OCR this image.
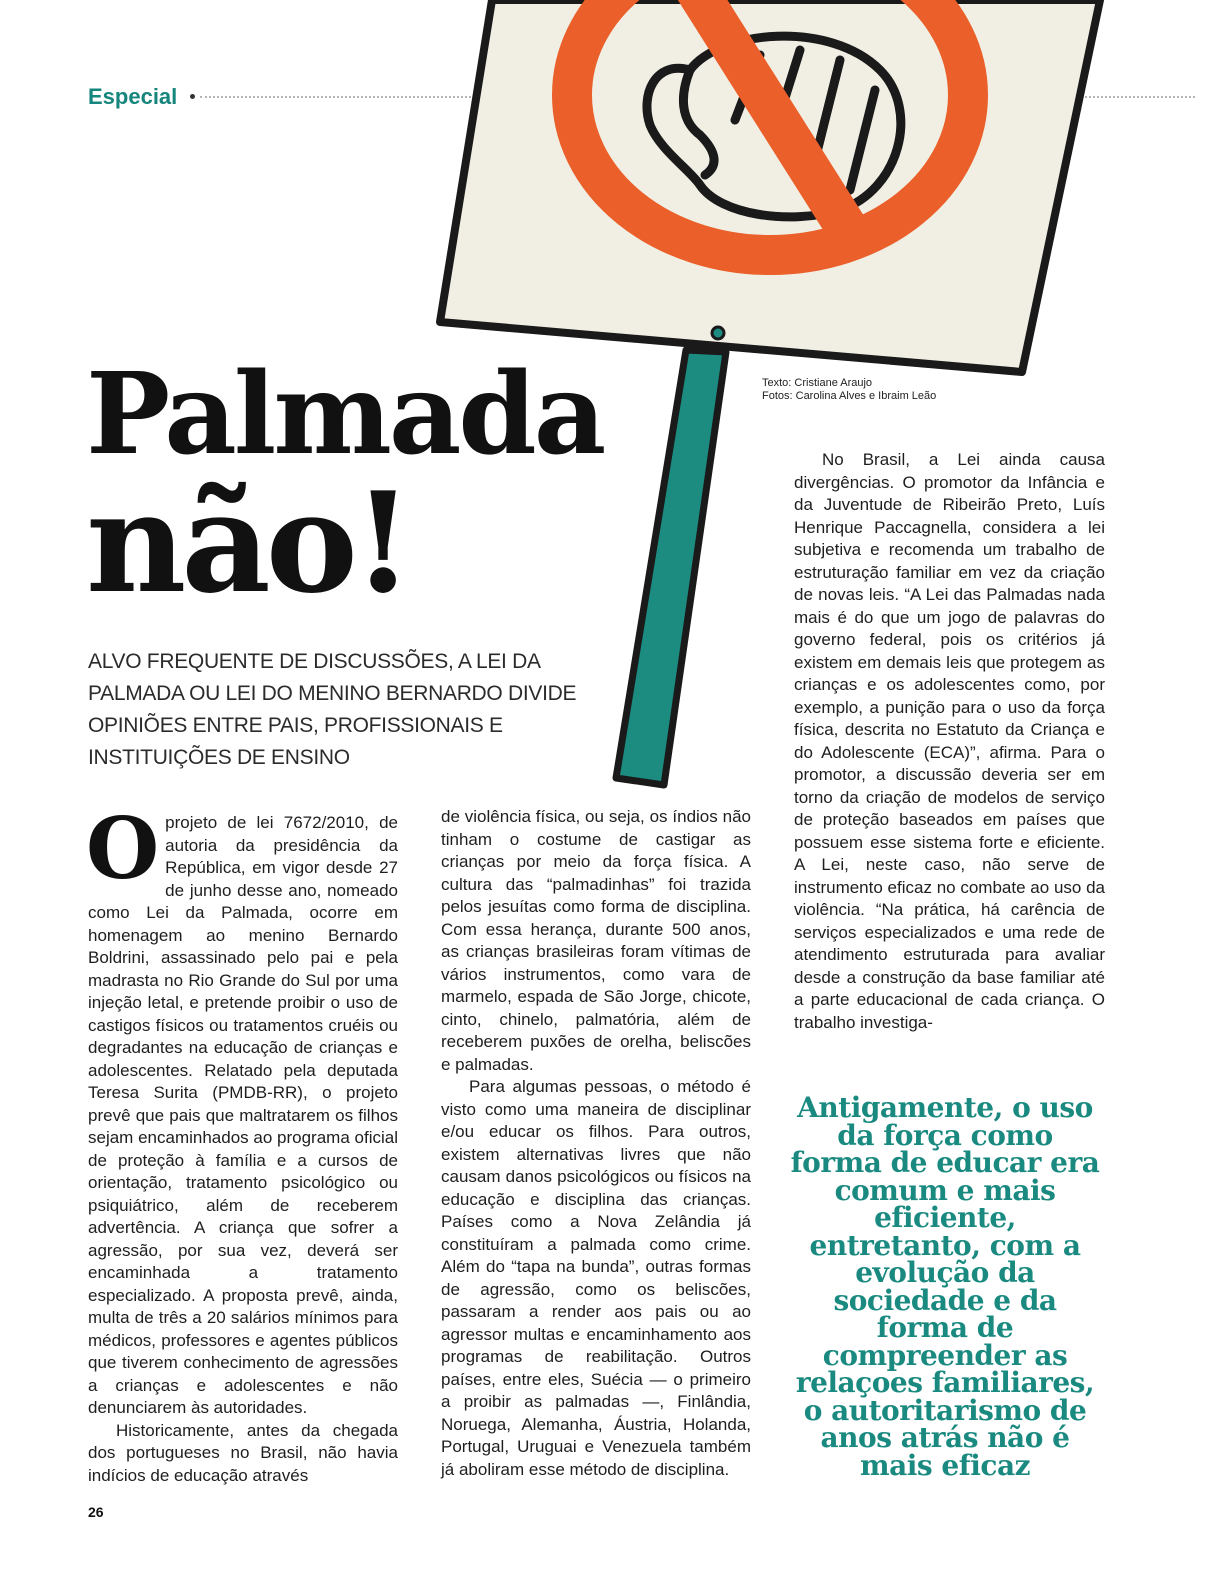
Especial
Texto: Cristiane Araujo
Fotos: Carolina Alves e Ibraim Leão
Palmada
não!
ALVO FREQUENTE DE DISCUSSÕES, A LEI DA PALMADA OU LEI DO MENINO BERNARDO DIVIDE OPINIÕES ENTRE PAIS, PROFISSIONAIS E INSTITUIÇÕES DE ENSINO

O projeto de lei 7672/2010, de autoria da presidência da República, em vigor desde 27 de junho desse ano, nomeado como Lei da Palmada, ocorre em homenagem ao menino Bernardo Boldrini, assassinado pelo pai e pela madrasta no Rio Grande do Sul por uma injeção letal, e pretende proibir o uso de castigos físicos ou tratamentos cruéis ou degradantes na educação de crianças e adolescentes. Relatado pela deputada Teresa Surita (PMDB-RR), o projeto prevê que pais que maltratarem os filhos sejam encaminhados ao programa oficial de proteção à família e a cursos de orientação, tratamento psicológico ou psiquiátrico, além de receberem advertência. A criança que sofrer a agressão, por sua vez, deverá ser encaminhada a tratamento especializado. A proposta prevê, ainda, multa de três a 20 salários mínimos para médicos, professores e agentes públicos que tiverem conhecimento de agressões a crianças e adolescentes e não denunciarem às autoridades.

Historicamente, antes da chegada dos portugueses no Brasil, não havia indícios de educação através

de violência física, ou seja, os índios não tinham o costume de castigar as crianças por meio da força física. A cultura das “palmadinhas” foi trazida pelos jesuítas como forma de disciplina. Com essa herança, durante 500 anos, as crianças brasileiras foram vítimas de vários instrumentos, como vara de marmelo, espada de São Jorge, chicote, cinto, chinelo, palmatória, além de receberem puxões de orelha, beliscões e palmadas.

Para algumas pessoas, o método é visto como uma maneira de disciplinar e/ou educar os filhos. Para outros, existem alternativas livres que não causam danos psicológicos ou físicos na educação e disciplina das crianças. Países como a Nova Zelândia já constituíram a palmada como crime. Além do “tapa na bunda”, outras formas de agressão, como os beliscões, passaram a render aos pais ou ao agressor multas e encaminhamento aos programas de reabilitação. Outros países, entre eles, Suécia — o primeiro a proibir as palmadas —, Finlândia, Noruega, Alemanha, Áustria, Holanda, Portugal, Uruguai e Venezuela também já aboliram esse método de disciplina.

No Brasil, a Lei ainda causa divergências. O promotor da Infância e da Juventude de Ribeirão Preto, Luís Henrique Paccagnella, considera a lei subjetiva e recomenda um trabalho de estruturação familiar em vez da criação de novas leis. “A Lei das Palmadas nada mais é do que um jogo de palavras do governo federal, pois os critérios já existem em demais leis que protegem as crianças e os adolescentes como, por exemplo, a punição para o uso da força física, descrita no Estatuto da Criança e do Adolescente (ECA)”, afirma. Para o promotor, a discussão deveria ser em torno da criação de modelos de serviço de proteção baseados em países que possuem esse sistema forte e eficiente. A Lei, neste caso, não serve de instrumento eficaz no combate ao uso da violência. “Na prática, há carência de serviços especializados e uma rede de atendimento estruturada para avaliar desde a construção da base familiar até a parte educacional de cada criança. O trabalho investiga-

Antigamente, o uso da força como forma de educar era comum e mais eficiente, entretanto, com a evolução da sociedade e da forma de compreender as relaçoes familiares, o autoritarismo de anos atrás não é mais eficaz
26
